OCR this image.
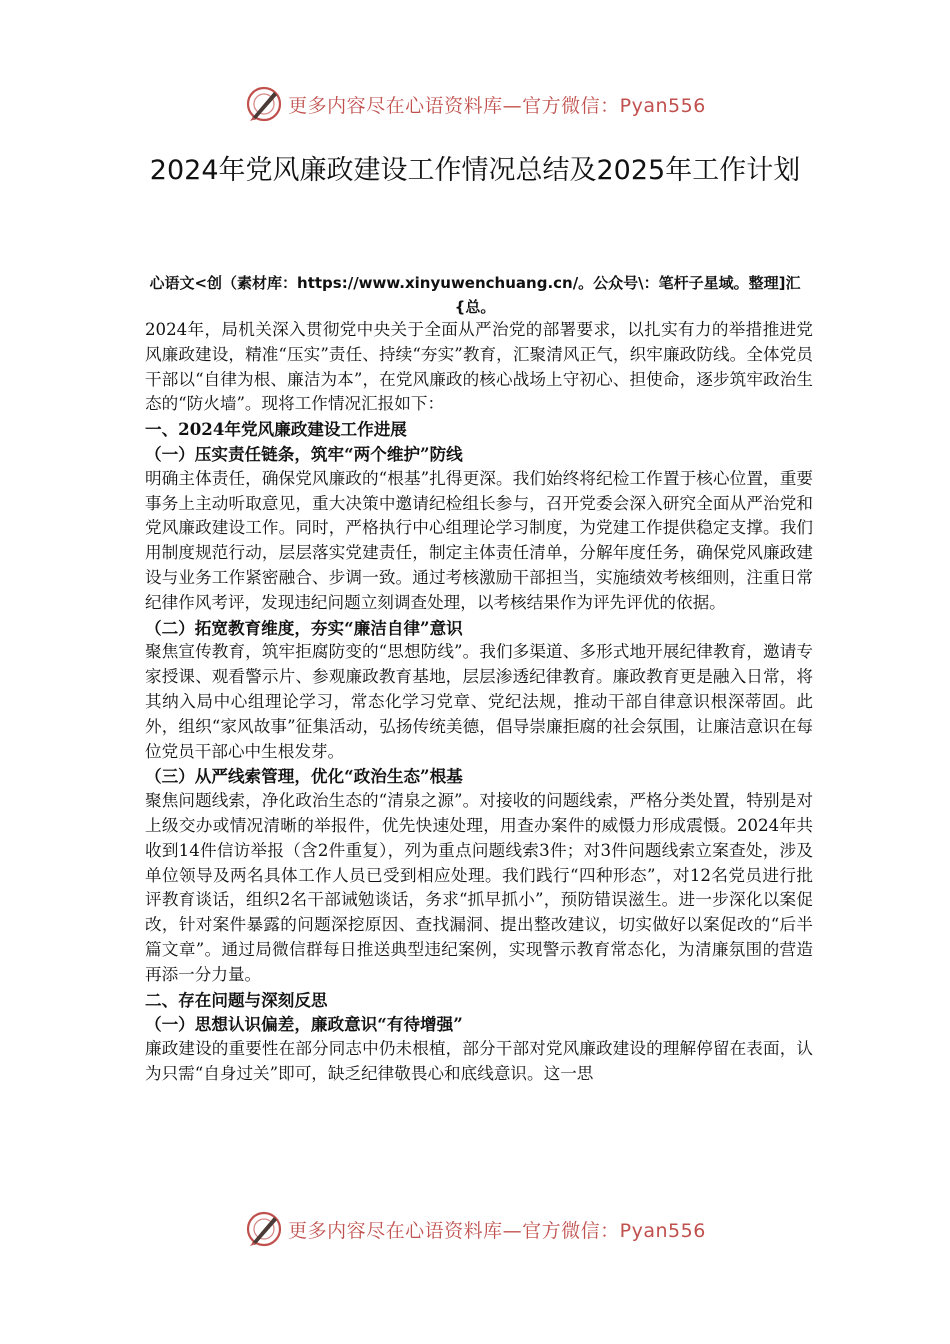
更多内容尽在心语资料库—官方微信：Pyan556
2024年党风廉政建设工作情况总结及2025年工作计划
心语文<创（素材库：https://www.xinyuwenchuang.cn/。公众号\：笔杆子星域。整理]汇{总。

2024年，局机关深入贯彻党中央关于全面从严治党的部署要求，以扎实有力的举措推进党风廉政建设，精准“压实”责任、持续“夯实”教育，汇聚清风正气，织牢廉政防线。全体党员干部以“自律为根、廉洁为本”，在党风廉政的核心战场上守初心、担使命，逐步筑牢政治生态的“防火墙”。现将工作情况汇报如下：

一、2024年党风廉政建设工作进展

（一）压实责任链条，筑牢“两个维护”防线

明确主体责任，确保党风廉政的“根基”扎得更深。我们始终将纪检工作置于核心位置，重要事务上主动听取意见，重大决策中邀请纪检组长参与，召开党委会深入研究全面从严治党和党风廉政建设工作。同时，严格执行中心组理论学习制度，为党建工作提供稳定支撑。我们用制度规范行动，层层落实党建责任，制定主体责任清单，分解年度任务，确保党风廉政建设与业务工作紧密融合、步调一致。通过考核激励干部担当，实施绩效考核细则，注重日常纪律作风考评，发现违纪问题立刻调查处理，以考核结果作为评先评优的依据。

（二）拓宽教育维度，夯实“廉洁自律”意识

聚焦宣传教育，筑牢拒腐防变的“思想防线”。我们多渠道、多形式地开展纪律教育，邀请专家授课、观看警示片、参观廉政教育基地，层层渗透纪律教育。廉政教育更是融入日常，将其纳入局中心组理论学习，常态化学习党章、党纪法规，推动干部自律意识根深蒂固。此外，组织“家风故事”征集活动，弘扬传统美德，倡导崇廉拒腐的社会氛围，让廉洁意识在每位党员干部心中生根发芽。

（三）从严线索管理，优化“政治生态”根基

聚焦问题线索，净化政治生态的“清泉之源”。对接收的问题线索，严格分类处置，特别是对上级交办或情况清晰的举报件，优先快速处理，用查办案件的威慑力形成震慑。2024年共收到14件信访举报（含2件重复），列为重点问题线索3件；对3件问题线索立案查处，涉及单位领导及两名具体工作人员已受到相应处理。我们践行“四种形态”，对12名党员进行批评教育谈话，组织2名干部诫勉谈话，务求“抓早抓小”，预防错误滋生。进一步深化以案促改，针对案件暴露的问题深挖原因、查找漏洞、提出整改建议，切实做好以案促改的“后半篇文章”。通过局微信群每日推送典型违纪案例，实现警示教育常态化，为清廉氛围的营造再添一分力量。

二、存在问题与深刻反思

（一）思想认识偏差，廉政意识“有待增强”

廉政建设的重要性在部分同志中仍未根植，部分干部对党风廉政建设的理解停留在表面，认为只需“自身过关”即可，缺乏纪律敬畏心和底线意识。这一思

更多内容尽在心语资料库—官方微信：Pyan556
